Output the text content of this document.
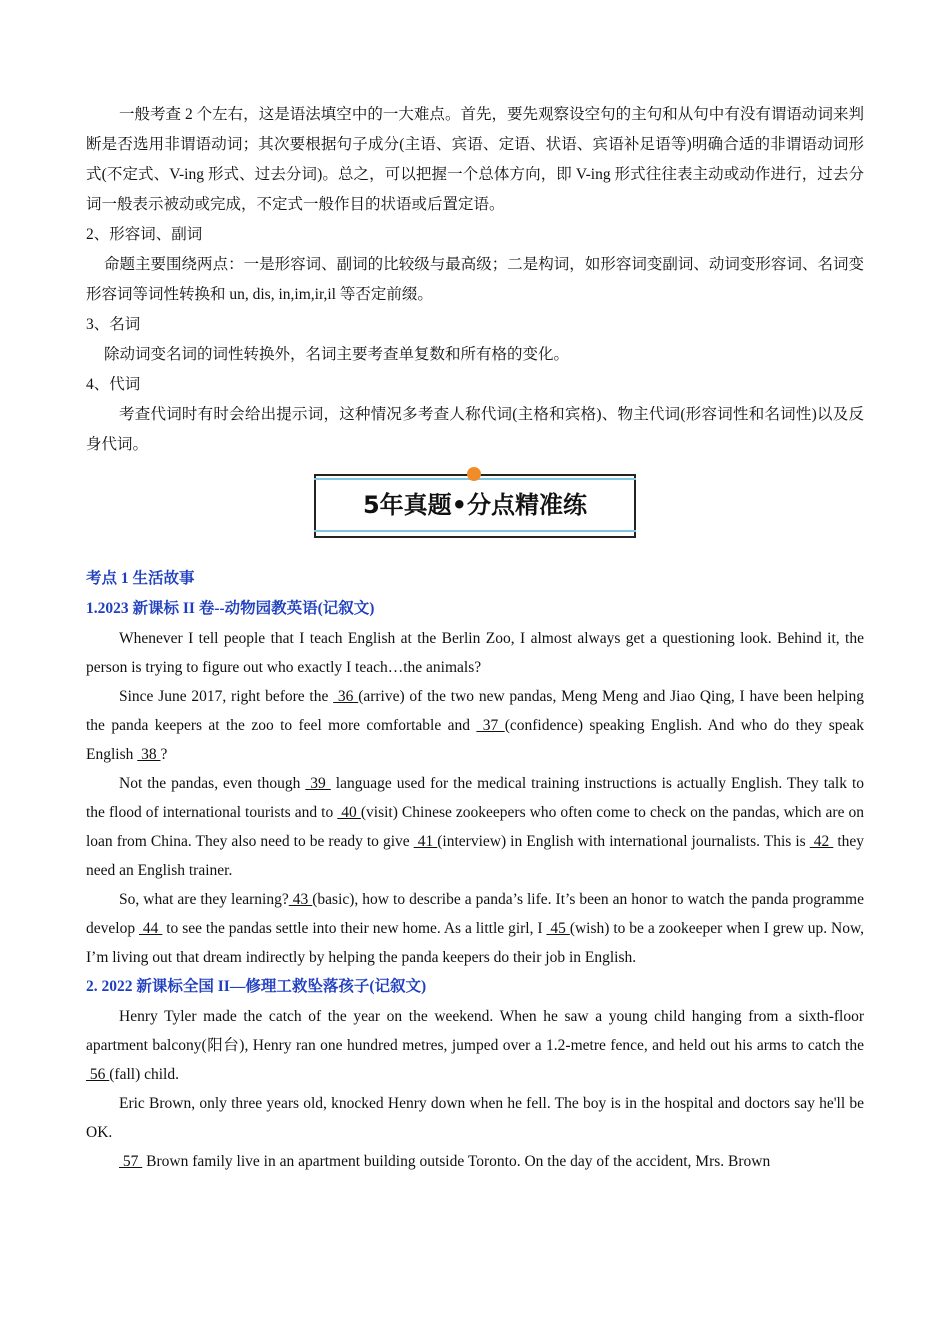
一般考查 2 个左右，这是语法填空中的一大难点。首先，要先观察设空句的主句和从句中有没有谓语动词来判断是否选用非谓语动词；其次要根据句子成分(主语、宾语、定语、状语、宾语补足语等)明确合适的非谓语动词形式(不定式、V-ing 形式、过去分词)。总之，可以把握一个总体方向，即 V-ing 形式往往表主动或动作进行，过去分词一般表示被动或完成，不定式一般作目的状语或后置定语。

2、形容词、副词

命题主要围绕两点：一是形容词、副词的比较级与最高级；二是构词，如形容词变副词、动词变形容词、名词变形容词等词性转换和 un, dis, in,im,ir,il 等否定前缀。

3、名词

除动词变名词的词性转换外，名词主要考查单复数和所有格的变化。

4、代词

考查代词时有时会给出提示词，这种情况多考查人称代词(主格和宾格)、物主代词(形容词性和名词性)以及反身代词。

5年真题•分点精准练

考点 1 生活故事

1.2023 新课标 II 卷--动物园教英语(记叙文)

Whenever I tell people that I teach English at the Berlin Zoo, I almost always get a questioning look. Behind it, the person is trying to figure out who exactly I teach…the animals?

Since June 2017, right before the  36 (arrive) of the two new pandas, Meng Meng and Jiao Qing, I have been helping the panda keepers at the zoo to feel more comfortable and  37 (confidence) speaking English. And who do they speak English  38 ?

Not the pandas, even though  39  language used for the medical training instructions is actually English. They talk to the flood of international tourists and to  40 (visit) Chinese zookeepers who often come to check on the pandas, which are on loan from China. They also need to be ready to give  41 (interview) in English with international journalists. This is  42  they need an English trainer.

So, what are they learning? 43 (basic), how to describe a panda’s life. It’s been an honor to watch the panda programme develop  44  to see the pandas settle into their new home. As a little girl, I  45 (wish) to be a zookeeper when I grew up. Now, I’m living out that dream indirectly by helping the panda keepers do their job in English.

2. 2022 新课标全国 II—修理工救坠落孩子(记叙文)

Henry Tyler made the catch of the year on the weekend. When he saw a young child hanging from a sixth-floor apartment balcony(阳台), Henry ran one hundred metres, jumped over a 1.2-metre fence, and held out his arms to catch the  56 (fall) child.

Eric Brown, only three years old, knocked Henry down when he fell. The boy is in the hospital and doctors say he'll be OK.

57  Brown family live in an apartment building outside Toronto. On the day of the accident, Mrs. Brown
